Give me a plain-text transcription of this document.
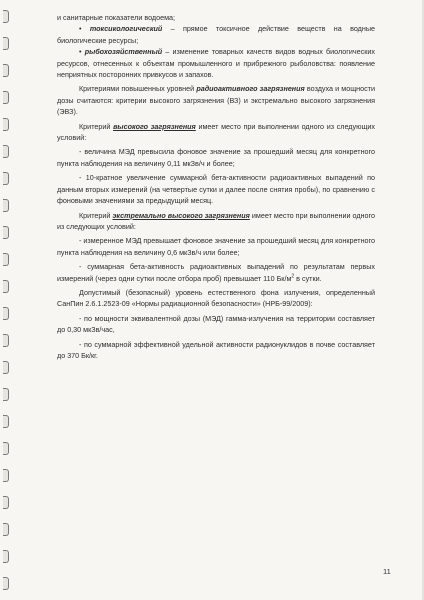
и санитарные показатели водоема;

• токсикологический – прямое токсичное действие веществ на водные биологические ресурсы;

• рыбохозяйственный – изменение товарных качеств видов водных биологических ресурсов, отнесенных к объектам промышленного и прибрежного рыболовства: появление неприятных посторонних привкусов и запахов.

Критериями повышенных уровней радиоактивного загрязнения воздуха и мощности дозы считаются: критерии высокого загрязнения (ВЗ) и экстремально высокого загрязнения (ЭВЗ).

Критерий высокого загрязнения имеет место при выполнении одного из следующих условий:

- величина МЭД превысила фоновое значение за прошедший месяц для конкретного пункта наблюдения на величину 0,11 мкЗв/ч и более;

- 10-кратное увеличение суммарной бета-активности радиоактивных выпадений по данным вторых измерений (на четвертые сутки и далее после снятия пробы), по сравнению с фоновыми значениями за предыдущий месяц.

Критерий экстремально высокого загрязнения имеет место при выполнении одного из следующих условий:

- измеренное МЭД превышает фоновое значение за прошедший месяц для конкретного пункта наблюдения на величину 0,6 мкЗв/ч или более;

- суммарная бета-активность радиоактивных выпадений по результатам первых измерений (через одни сутки после отбора проб) превышает 110 $Бк/м^2$ в сутки.

Допустимый (безопасный) уровень естественного фона излучения, определенный СанПин 2.6.1.2523-09 «Нормы радиационной безопасности» (НРБ-99/2009):

- по мощности эквивалентной дозы (МЭД) гамма-излучения на территории составляет до 0,30 мкЗв/час,

- по суммарной эффективной удельной активности радионуклидов в почве составляет до 370 Бк/кг.

11
